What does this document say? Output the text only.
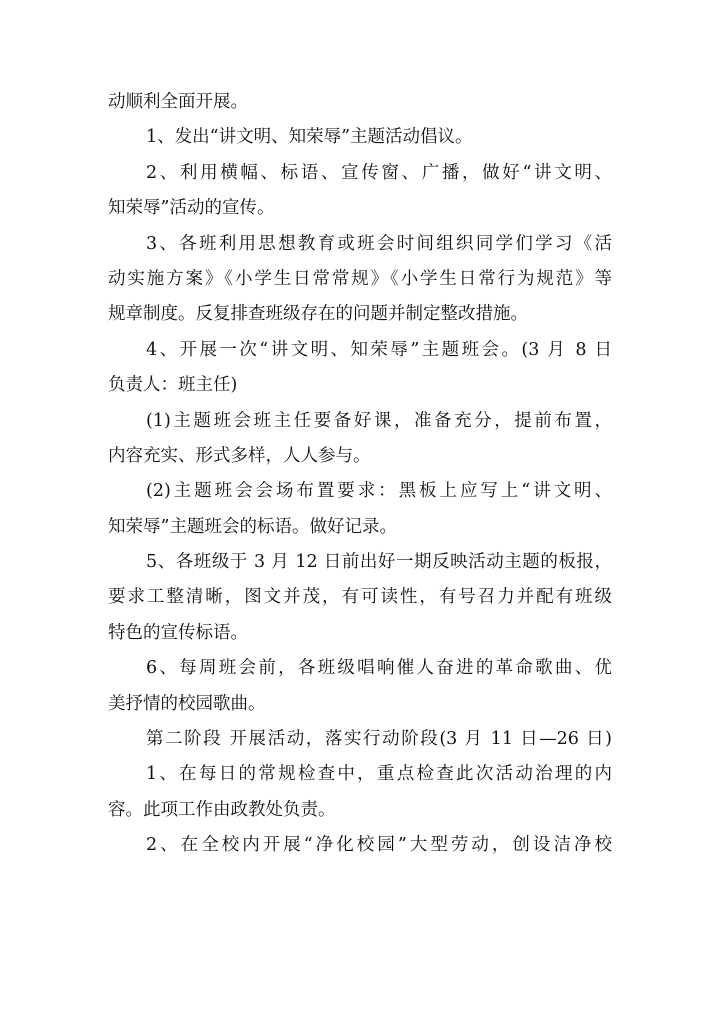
动顺利全面开展。
1、发出“讲文明、知荣辱”主题活动倡议。
2、利用横幅、标语、宣传窗、广播，做好“讲文明、
知荣辱”活动的宣传。
3、各班利用思想教育或班会时间组织同学们学习《活
动实施方案》《小学生日常常规》《小学生日常行为规范》等
规章制度。反复排查班级存在的问题并制定整改措施。
4、开展一次“讲文明、知荣辱”主题班会。(3 月 8 日
负责人：班主任)
(1)主题班会班主任要备好课，准备充分，提前布置，
内容充实、形式多样，人人参与。
(2)主题班会会场布置要求：黑板上应写上“讲文明、
知荣辱”主题班会的标语。做好记录。
5、各班级于 3 月 12 日前出好一期反映活动主题的板报，
要求工整清晰，图文并茂，有可读性，有号召力并配有班级
特色的宣传标语。
6、每周班会前，各班级唱响催人奋进的革命歌曲、优
美抒情的校园歌曲。
第二阶段 开展活动，落实行动阶段(3 月 11 日—26 日)
1、在每日的常规检查中，重点检查此次活动治理的内
容。此项工作由政教处负责。
2、在全校内开展“净化校园”大型劳动，创设洁净校
